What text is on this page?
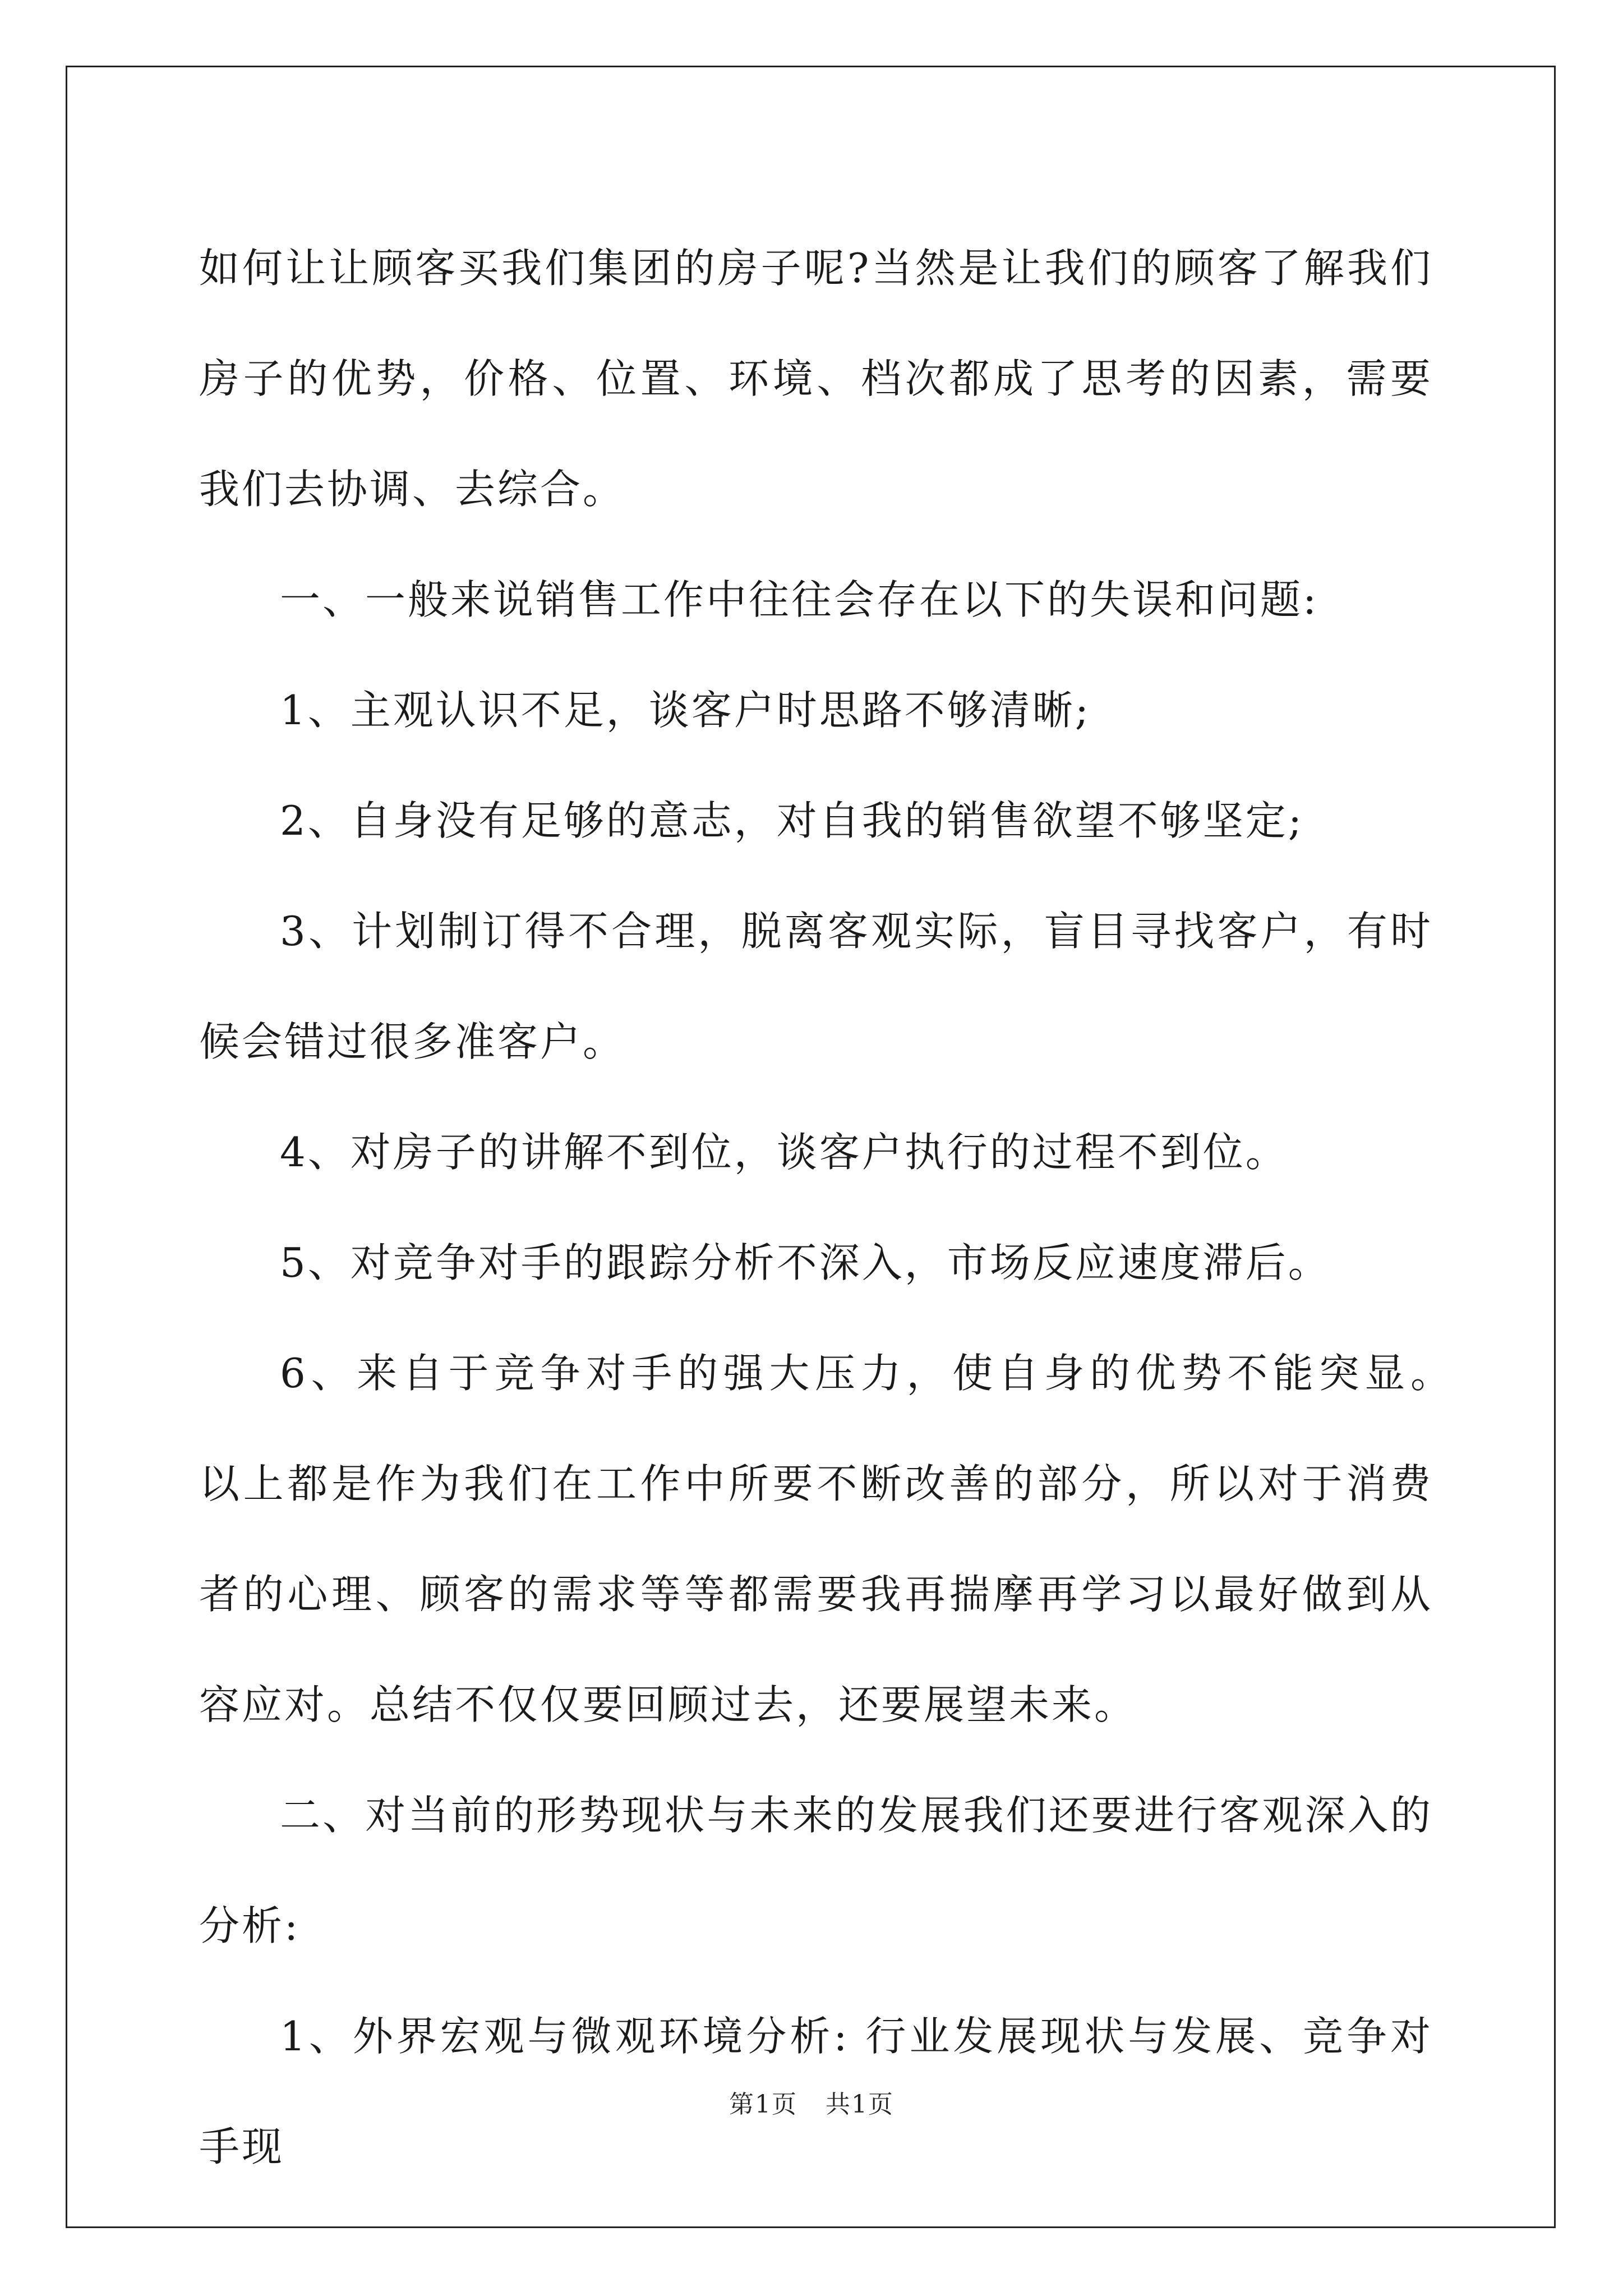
如何让让顾客买我们集团的房子呢?当然是让我们的顾客了解我们房子的优势，价格、位置、环境、档次都成了思考的因素，需要我们去协调、去综合。

一、一般来说销售工作中往往会存在以下的失误和问题:

1、主观认识不足，谈客户时思路不够清晰;

2、自身没有足够的意志，对自我的销售欲望不够坚定;

3、计划制订得不合理，脱离客观实际，盲目寻找客户，有时候会错过很多准客户。

4、对房子的讲解不到位，谈客户执行的过程不到位。

5、对竞争对手的跟踪分析不深入，市场反应速度滞后。

6、来自于竞争对手的强大压力，使自身的优势不能突显。　　以上都是作为我们在工作中所要不断改善的部分，所以对于消费者的心理、顾客的需求等等都需要我再揣摩再学习以最好做到从容应对。总结不仅仅要回顾过去，还要展望未来。

二、对当前的形势现状与未来的发展我们还要进行客观深入的分析:

1、外界宏观与微观环境分析: 行业发展现状与发展、竞争对手现

第1页 共1页
